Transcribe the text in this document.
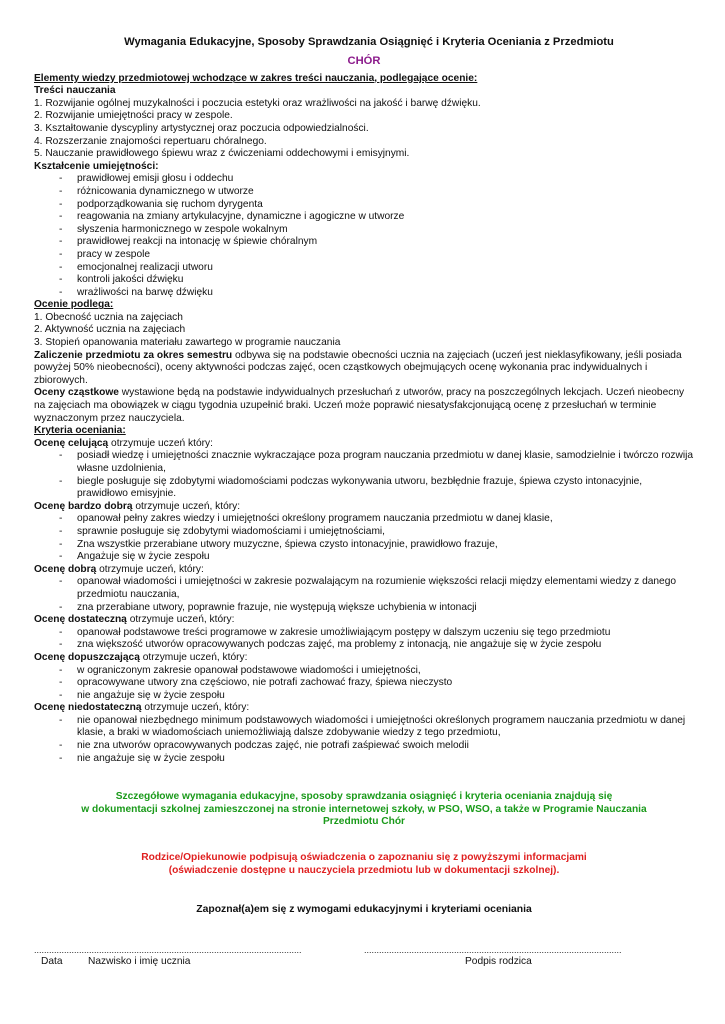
Wymagania Edukacyjne, Sposoby Sprawdzania Osiągnięć i Kryteria Oceniania z Przedmiotu
CHÓR
Elementy wiedzy przedmiotowej wchodzące w zakres treści nauczania, podlegające ocenie:
Treści nauczania
1. Rozwijanie ogólnej muzykalności i poczucia estetyki oraz wrażliwości na jakość i barwę dźwięku.
2. Rozwijanie umiejętności pracy w zespole.
3. Kształtowanie dyscypliny artystycznej oraz poczucia odpowiedzialności.
4. Rozszerzanie znajomości repertuaru chóralnego.
5. Nauczanie prawidłowego śpiewu wraz z ćwiczeniami oddechowymi i emisyjnymi.
Kształcenie umiejętności:
- prawidłowej emisji głosu i oddechu
- różnicowania dynamicznego w utworze
- podporządkowania się ruchom dyrygenta
- reagowania na zmiany artykulacyjne, dynamiczne i agogiczne w utworze
- słyszenia harmonicznego w zespole wokalnym
- prawidłowej reakcji na intonację w śpiewie chóralnym
- pracy w zespole
- emocjonalnej realizacji utworu
- kontroli jakości dźwięku
- wrażliwości na barwę dźwięku
Ocenie podlega:
1. Obecność ucznia na zajęciach
2. Aktywność ucznia na zajęciach
3. Stopień opanowania materiału zawartego w programie nauczania
Zaliczenie przedmiotu za okres semestru odbywa się na podstawie obecności ucznia na zajęciach (uczeń jest nieklasyfikowany, jeśli posiada powyżej 50% nieobecności), oceny aktywności podczas zajęć, ocen cząstkowych obejmujących ocenę wykonania prac indywidualnych i zbiorowych.
Oceny cząstkowe wystawione będą na podstawie indywidualnych przesłuchań z utworów, pracy na poszczególnych lekcjach. Uczeń nieobecny na zajęciach ma obowiązek w ciągu tygodnia uzupełnić braki. Uczeń może poprawić niesatysfakcjonującą ocenę z przesłuchań w terminie wyznaczonym przez nauczyciela.
Kryteria oceniania:
Ocenę celującą otrzymuje uczeń który:
- posiadł wiedzę i umiejętności znacznie wykraczające poza program nauczania przedmiotu w danej klasie, samodzielnie i twórczo rozwija własne uzdolnienia,
- biegle posługuje się zdobytymi wiadomościami podczas wykonywania utworu, bezbłędnie frazuje, śpiewa czysto intonacyjnie, prawidłowo emisyjnie.
Ocenę bardzo dobrą otrzymuje uczeń, który:
- opanował pełny zakres wiedzy i umiejętności określony programem nauczania przedmiotu w danej klasie,
- sprawnie posługuje się zdobytymi wiadomościami i umiejętnościami,
- Zna wszystkie przerabiane utwory muzyczne, śpiewa czysto intonacyjnie, prawidłowo frazuje,
- Angażuje się w życie zespołu
Ocenę dobrą otrzymuje uczeń, który:
- opanował wiadomości i umiejętności w zakresie pozwalającym na rozumienie większości relacji między elementami wiedzy z danego przedmiotu nauczania,
- zna przerabiane utwory, poprawnie frazuje, nie występują większe uchybienia w intonacji
Ocenę dostateczną otrzymuje uczeń, który:
- opanował podstawowe treści programowe w zakresie umożliwiającym postępy w dalszym uczeniu się tego przedmiotu
- zna większość utworów opracowywanych podczas zajęć, ma problemy z intonacją, nie angażuje się w życie zespołu
Ocenę dopuszczającą otrzymuje uczeń, który:
- w ograniczonym zakresie opanował podstawowe wiadomości i umiejętności,
- opracowywane utwory zna częściowo, nie potrafi zachować frazy, śpiewa nieczysto
- nie angażuje się w życie zespołu
Ocenę niedostateczną otrzymuje uczeń, który:
- nie opanował niezbędnego minimum podstawowych wiadomości i umiejętności określonych programem nauczania przedmiotu w danej klasie, a braki w wiadomościach uniemożliwiają dalsze zdobywanie wiedzy z tego przedmiotu,
- nie zna utworów opracowywanych podczas zajęć, nie potrafi zaśpiewać swoich melodii
- nie angażuje się w życie zespołu
Szczegółowe wymagania edukacyjne, sposoby sprawdzania osiągnięć i kryteria oceniania znajdują się
w dokumentacji szkolnej zamieszczonej na stronie internetowej szkoły, w PSO, WSO, a także w Programie Nauczania
Przedmiotu Chór
Rodzice/Opiekunowie podpisują oświadczenia o zapoznaniu się z powyższymi informacjami
(oświadczenie dostępne u nauczyciela przedmiotu lub w dokumentacji szkolnej).
Zapoznał(a)em się z wymogami edukacyjnymi i kryteriami oceniania
...........................................................................................................	.......................................................................................................
Data Nazwisko i imię ucznia	Podpis rodzica
